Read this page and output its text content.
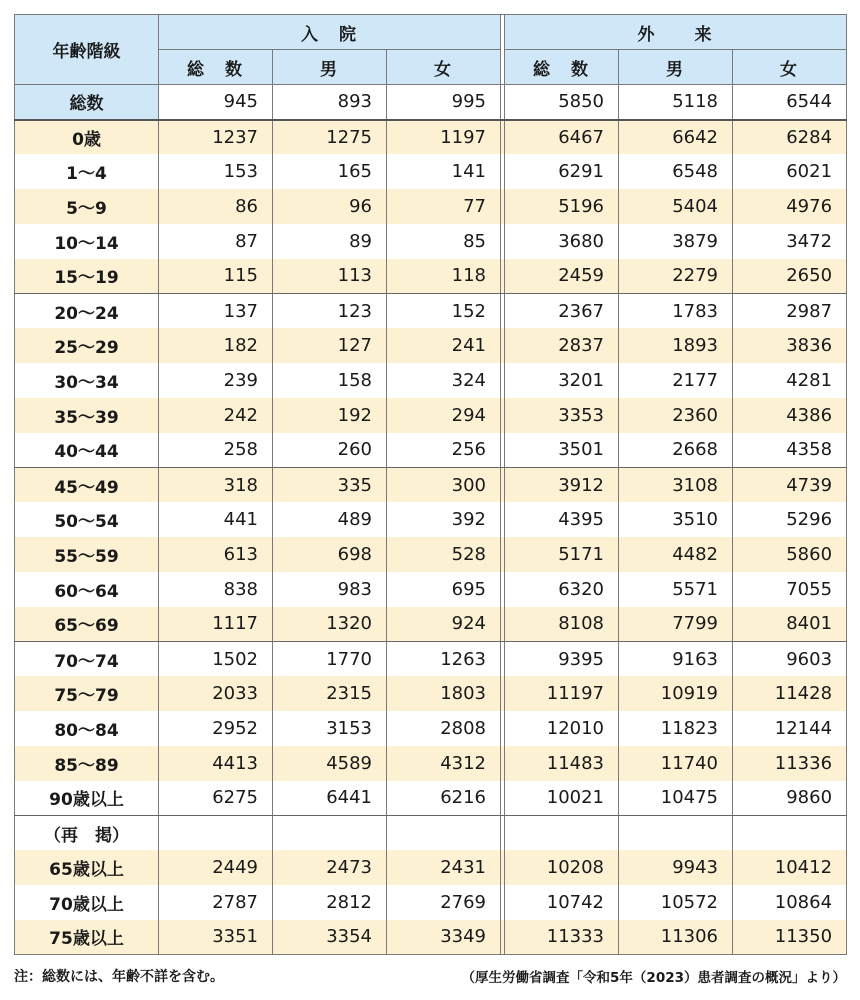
年齢階級	入　院				外　　来		
	総　数	男	女		総　数	男	女
総数	945	893	995		5850	5118	6544
0歳	1237	1275	1197		6467	6642	6284
1～4	153	165	141		6291	6548	6021
5～9	86	96	77		5196	5404	4976
10～14	87	89	85		3680	3879	3472
15～19	115	113	118		2459	2279	2650
20～24	137	123	152		2367	1783	2987
25～29	182	127	241		2837	1893	3836
30～34	239	158	324		3201	2177	4281
35～39	242	192	294		3353	2360	4386
40～44	258	260	256		3501	2668	4358
45～49	318	335	300		3912	3108	4739
50～54	441	489	392		4395	3510	5296
55～59	613	698	528		5171	4482	5860
60～64	838	983	695		6320	5571	7055
65～69	1117	1320	924		8108	7799	8401
70～74	1502	1770	1263		9395	9163	9603
75～79	2033	2315	1803		11197	10919	11428
80～84	2952	3153	2808		12010	11823	12144
85～89	4413	4589	4312		11483	11740	11336
90歳以上	6275	6441	6216		10021	10475	9860
（再　掲）							
65歳以上	2449	2473	2431		10208	9943	10412
70歳以上	2787	2812	2769		10742	10572	10864
75歳以上	3351	3354	3349		11333	11306	11350
注：総数には、年齢不詳を含む。	（厚生労働省調査「令和5年（2023）患者調査の概況」より）
